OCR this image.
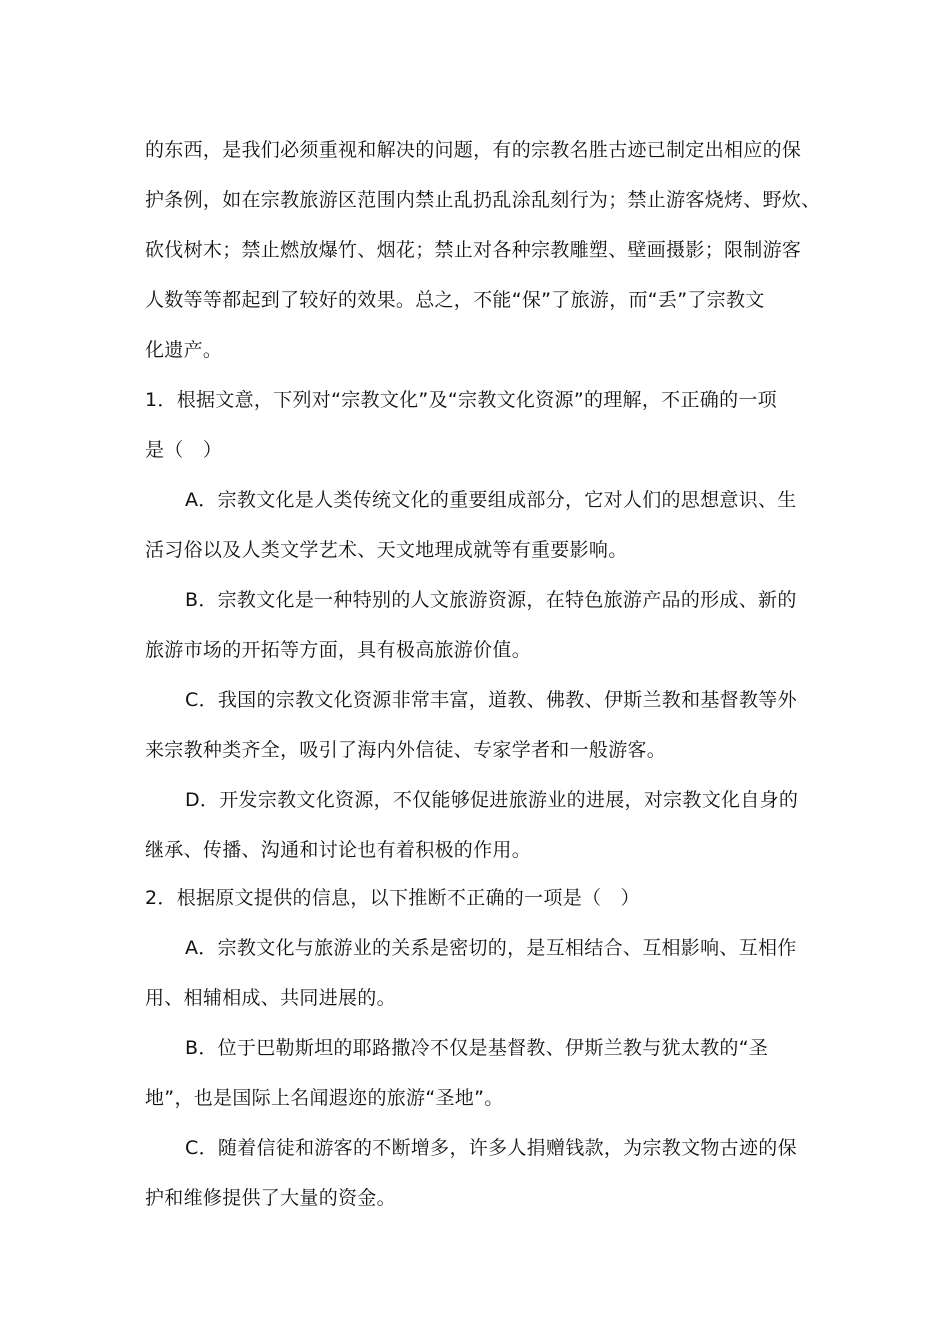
的东西，是我们必须重视和解决的问题，有的宗教名胜古迹已制定出相应的保
护条例，如在宗教旅游区范围内禁止乱扔乱涂乱刻行为；禁止游客烧烤、野炊、
砍伐树木；禁止燃放爆竹、烟花；禁止对各种宗教雕塑、壁画摄影；限制游客
人数等等都起到了较好的效果。总之，不能“保”了旅游，而“丢”了宗教文
化遗产。
1．根据文意，下列对“宗教文化”及“宗教文化资源”的理解，不正确的一项
是（　）
A．宗教文化是人类传统文化的重要组成部分，它对人们的思想意识、生
活习俗以及人类文学艺术、天文地理成就等有重要影响。
B．宗教文化是一种特别的人文旅游资源，在特色旅游产品的形成、新的
旅游市场的开拓等方面，具有极高旅游价值。
C．我国的宗教文化资源非常丰富，道教、佛教、伊斯兰教和基督教等外
来宗教种类齐全，吸引了海内外信徒、专家学者和一般游客。
D．开发宗教文化资源，不仅能够促进旅游业的进展，对宗教文化自身的
继承、传播、沟通和讨论也有着积极的作用。
2．根据原文提供的信息，以下推断不正确的一项是（　）
A．宗教文化与旅游业的关系是密切的，是互相结合、互相影响、互相作
用、相辅相成、共同进展的。
B．位于巴勒斯坦的耶路撒冷不仅是基督教、伊斯兰教与犹太教的“圣
地”，也是国际上名闻遐迩的旅游“圣地”。
C．随着信徒和游客的不断增多，许多人捐赠钱款，为宗教文物古迹的保
护和维修提供了大量的资金。
